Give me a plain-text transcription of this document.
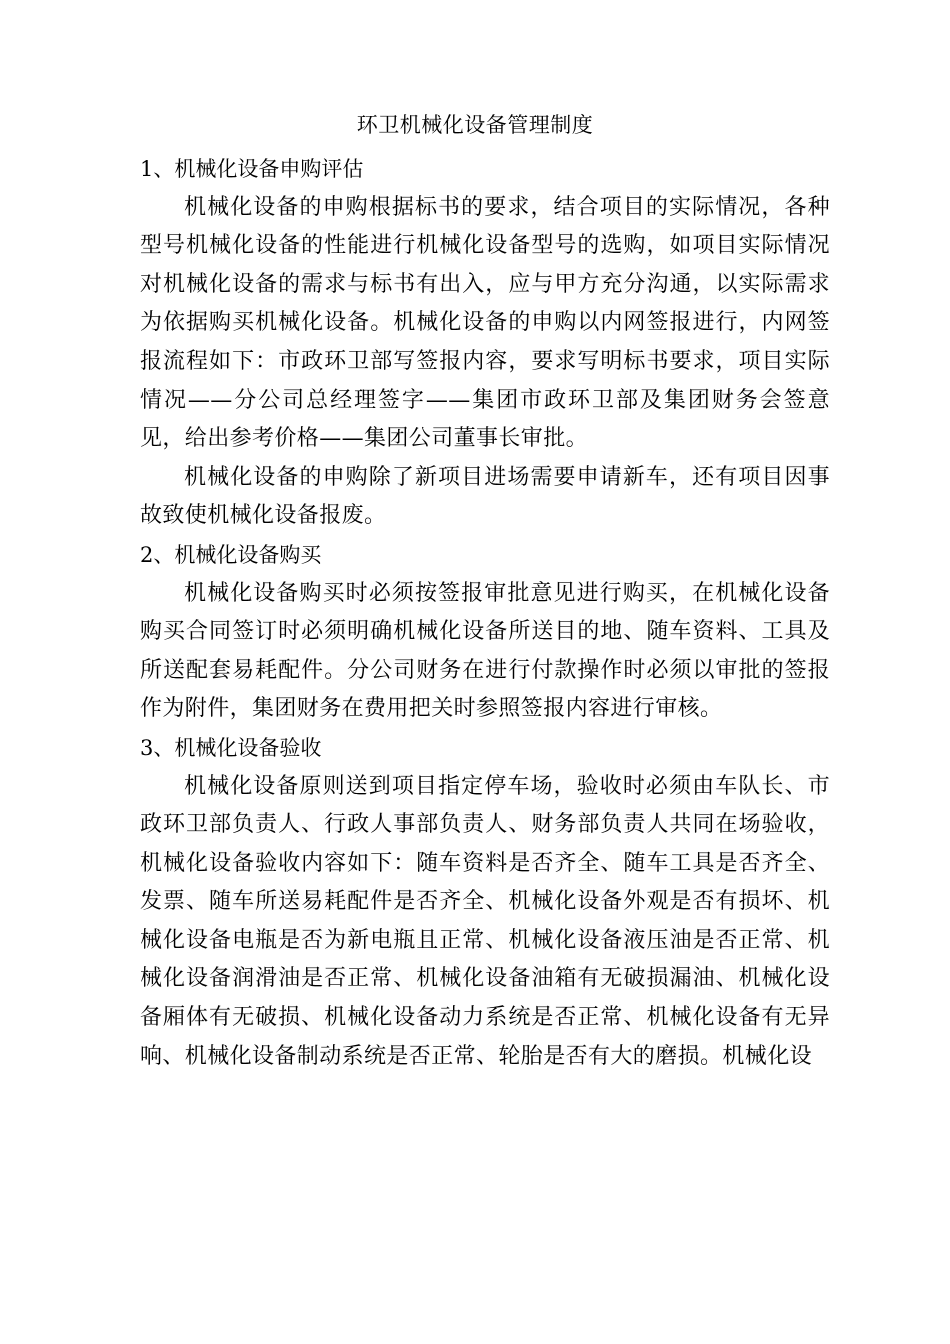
环卫机械化设备管理制度

1、机械化设备申购评估

机械化设备的申购根据标书的要求，结合项目的实际情况，各种型号机械化设备的性能进行机械化设备型号的选购，如项目实际情况对机械化设备的需求与标书有出入，应与甲方充分沟通，以实际需求为依据购买机械化设备。机械化设备的申购以内网签报进行，内网签报流程如下：市政环卫部写签报内容，要求写明标书要求，项目实际情况——分公司总经理签字——集团市政环卫部及集团财务会签意见，给出参考价格——集团公司董事长审批。

机械化设备的申购除了新项目进场需要申请新车，还有项目因事故致使机械化设备报废。

2、机械化设备购买

机械化设备购买时必须按签报审批意见进行购买，在机械化设备购买合同签订时必须明确机械化设备所送目的地、随车资料、工具及所送配套易耗配件。分公司财务在进行付款操作时必须以审批的签报作为附件，集团财务在费用把关时参照签报内容进行审核。

3、机械化设备验收

机械化设备原则送到项目指定停车场，验收时必须由车队长、市政环卫部负责人、行政人事部负责人、财务部负责人共同在场验收，机械化设备验收内容如下：随车资料是否齐全、随车工具是否齐全、发票、随车所送易耗配件是否齐全、机械化设备外观是否有损坏、机械化设备电瓶是否为新电瓶且正常、机械化设备液压油是否正常、机械化设备润滑油是否正常、机械化设备油箱有无破损漏油、机械化设备厢体有无破损、机械化设备动力系统是否正常、机械化设备有无异响、机械化设备制动系统是否正常、轮胎是否有大的磨损。机械化设
